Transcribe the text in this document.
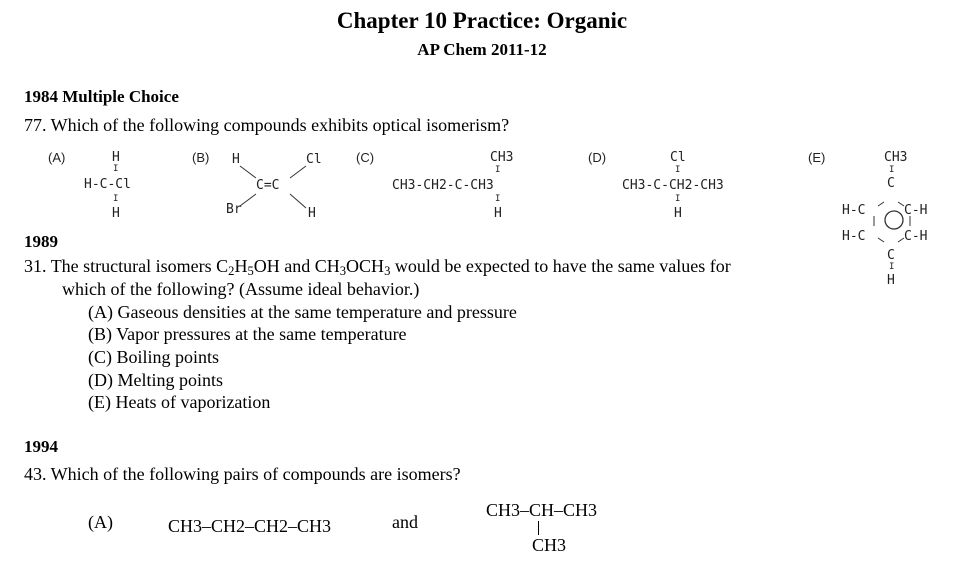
Chapter 10 Practice: Organic
AP Chem 2011-12
1984 Multiple Choice
77. Which of the following compounds exhibits optical isomerism?
(A)	H
I
H-C-Cl
I
H
(B) H	Cl
C=C
Br	H
(C)	CH3
I
CH3-CH2-C-CH3
I
H
(D)	Cl
I
CH3-C-CH2-CH3
I
H
(E)	CH3
I
C
H-C	C-H
H-C	C-H
C
I
H
1989
31. The structural isomers C2H5OH and CH3OCH3 would be expected to have the same values for
which of the following? (Assume ideal behavior.)
(A) Gaseous densities at the same temperature and pressure
(B) Vapor pressures at the same temperature
(C) Boiling points
(D) Melting points
(E) Heats of vaporization
1994
43. Which of the following pairs of compounds are isomers?
(A)	CH3–CH2–CH2–CH3	and
CH3–CH–CH3
CH3
